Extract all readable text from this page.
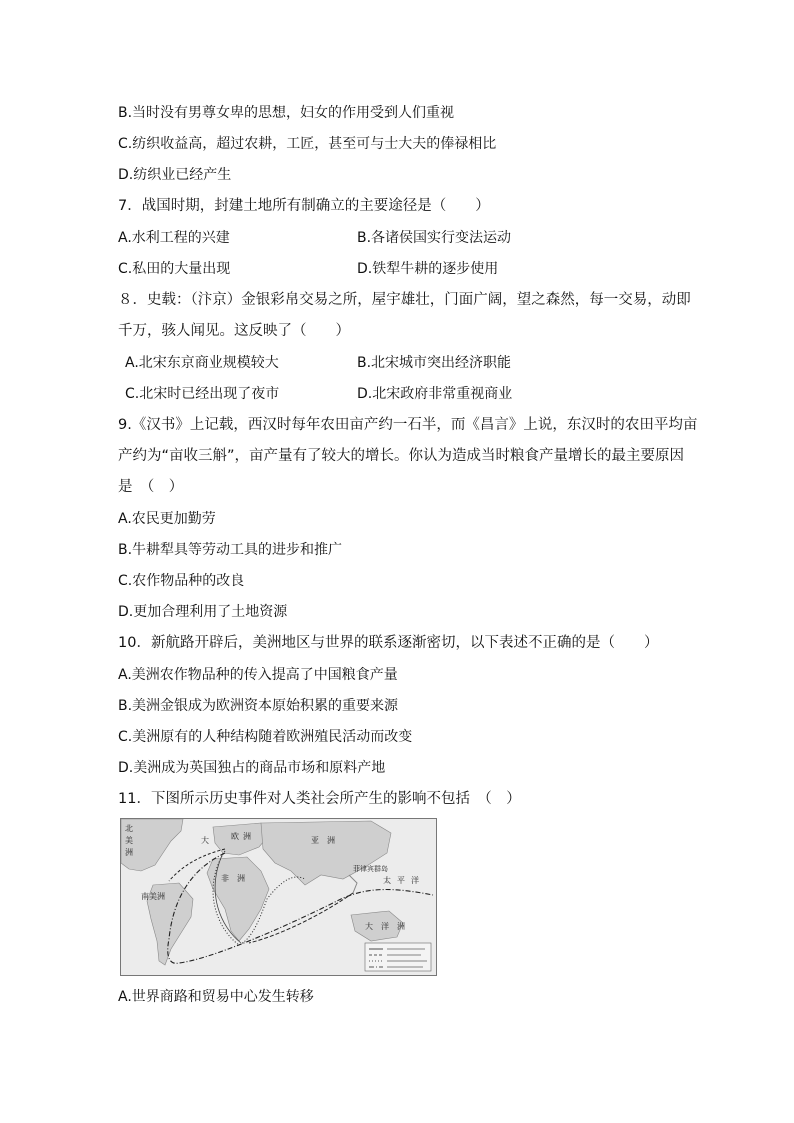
B.当时没有男尊女卑的思想，妇女的作用受到人们重视
C.纺织收益高，超过农耕，工匠，甚至可与士大夫的俸禄相比
D.纺织业已经产生
7．战国时期，封建土地所有制确立的主要途径是（　　）
A.水利工程的兴建	B.各诸侯国实行变法运动
C.私田的大量出现	D.铁犁牛耕的逐步使用
８．史载：（汴京）金银彩帛交易之所，屋宇雄壮，门面广阔，望之森然，每一交易，动即
千万，骇人闻见。这反映了（　　）
A.北宋东京商业规模较大	B.北宋城市突出经济职能
C.北宋时已经出现了夜市	D.北宋政府非常重视商业
9.《汉书》上记载，西汉时每年农田亩产约一石半，而《昌言》上说，东汉时的农田平均亩
产约为“亩收三斛”，亩产量有了较大的增长。你认为造成当时粮食产量增长的最主要原因
是　（　）
A.农民更加勤劳
B.牛耕犁具等劳动工具的进步和推广
C.农作物品种的改良
D.更加合理利用了土地资源
10．新航路开辟后，美洲地区与世界的联系逐渐密切，以下表述不正确的是（　　）
A.美洲农作物品种的传入提高了中国粮食产量
B.美洲金银成为欧洲资本原始积累的重要来源
C.美洲原有的人种结构随着欧洲殖民活动而改变
D.美洲成为英国独占的商品市场和原料产地
11．下图所示历史事件对人类社会所产生的影响不包括　（　）
北
美
洲
大	欧 洲	亚 洲
非 洲
南美洲
菲律宾群岛
太 平 洋
大　洋　洲
A.世界商路和贸易中心发生转移
